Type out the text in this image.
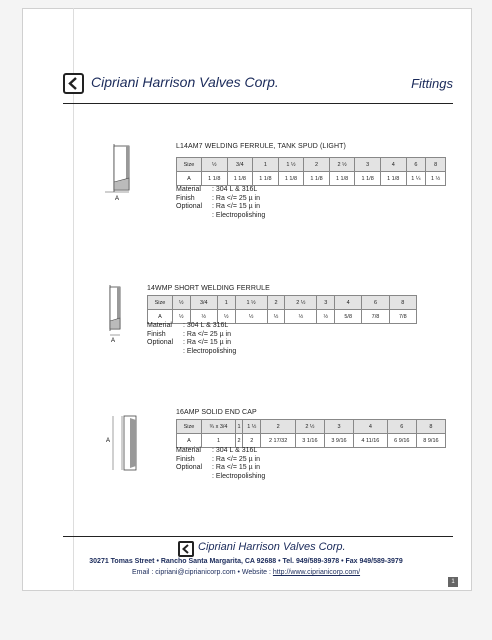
Cipriani Harrison Valves Corp.	Fittings
A
L14AM7 WELDING FERRULE, TANK SPUD (LIGHT)
Size	½	3/4	1	1 ½	2	2 ½	3	4	6	8
A	1 1/8	1 1/8	1 1/8	1 1/8	1 1/8	1 1/8	1 1/8	1 1/8	1 ¼	1 ½
Material : 304 L & 316L
Finish : Ra </= 25 µ in
Optional : Ra </= 15 µ in
: Electropolishing
A
14WMP SHORT WELDING FERRULE
Size	½	3/4	1	1 ½	2	2 ½	3	4	6	8
A	½	½	½	½	½	½	½	5/8	7/8	7/8
Material : 304 L & 316L
Finish : Ra </= 25 µ in
Optional : Ra </= 15 µ in
: Electropolishing
A
16AMP SOLID END CAP
Size	¾ x 3/4	1	1 ½	2	2 ½	3	4	6	8
A	1	2	2	2 17/32	3 1/16	3 9/16	4 11/16	6 9/16	8 9/16
Material : 304 L & 316L
Finish : Ra </= 25 µ in
Optional : Ra </= 15 µ in
: Electropolishing
Cipriani Harrison Valves Corp.
30271 Tomas Street • Rancho Santa Margarita, CA 92688 • Tel. 949/589-3978 • Fax 949/589-3979
Email : cipriani@ciprianicorp.com • Website : http://www.ciprianicorp.com/
1
